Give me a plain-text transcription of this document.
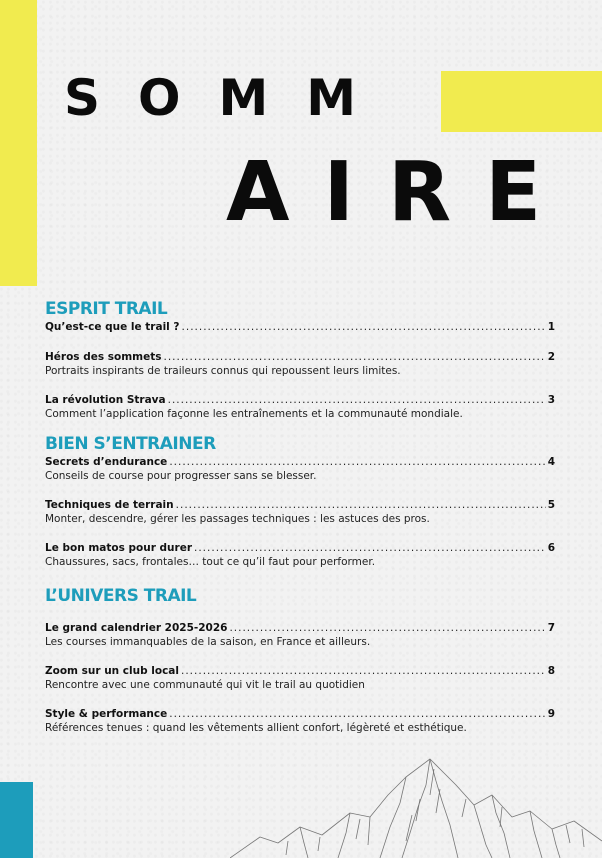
SOMM
AIRE
ESPRIT TRAIL
Qu’est-ce que le trail ? .....	1
Héros des sommets .....	2
Portraits inspirants de traileurs connus qui repoussent leurs limites.
La révolution Strava .....	3
Comment l’application façonne les entraînements et la communauté mondiale.
BIEN S’ENTRAINER
Secrets d’endurance .....	4
Conseils de course pour progresser sans se blesser.
Techniques de terrain .....	5
Monter, descendre, gérer les passages techniques : les astuces des pros.
Le bon matos pour durer .....	6
Chaussures, sacs, frontales… tout ce qu’il faut pour performer.
L’UNIVERS TRAIL
Le grand calendrier 2025-2026 .....	7
Les courses immanquables de la saison, en France et ailleurs.
Zoom sur un club local .....	8
Rencontre avec une communauté qui vit le trail au quotidien
Style & performance .....	9
Références tenues : quand les vêtements allient confort, légèreté et esthétique.
